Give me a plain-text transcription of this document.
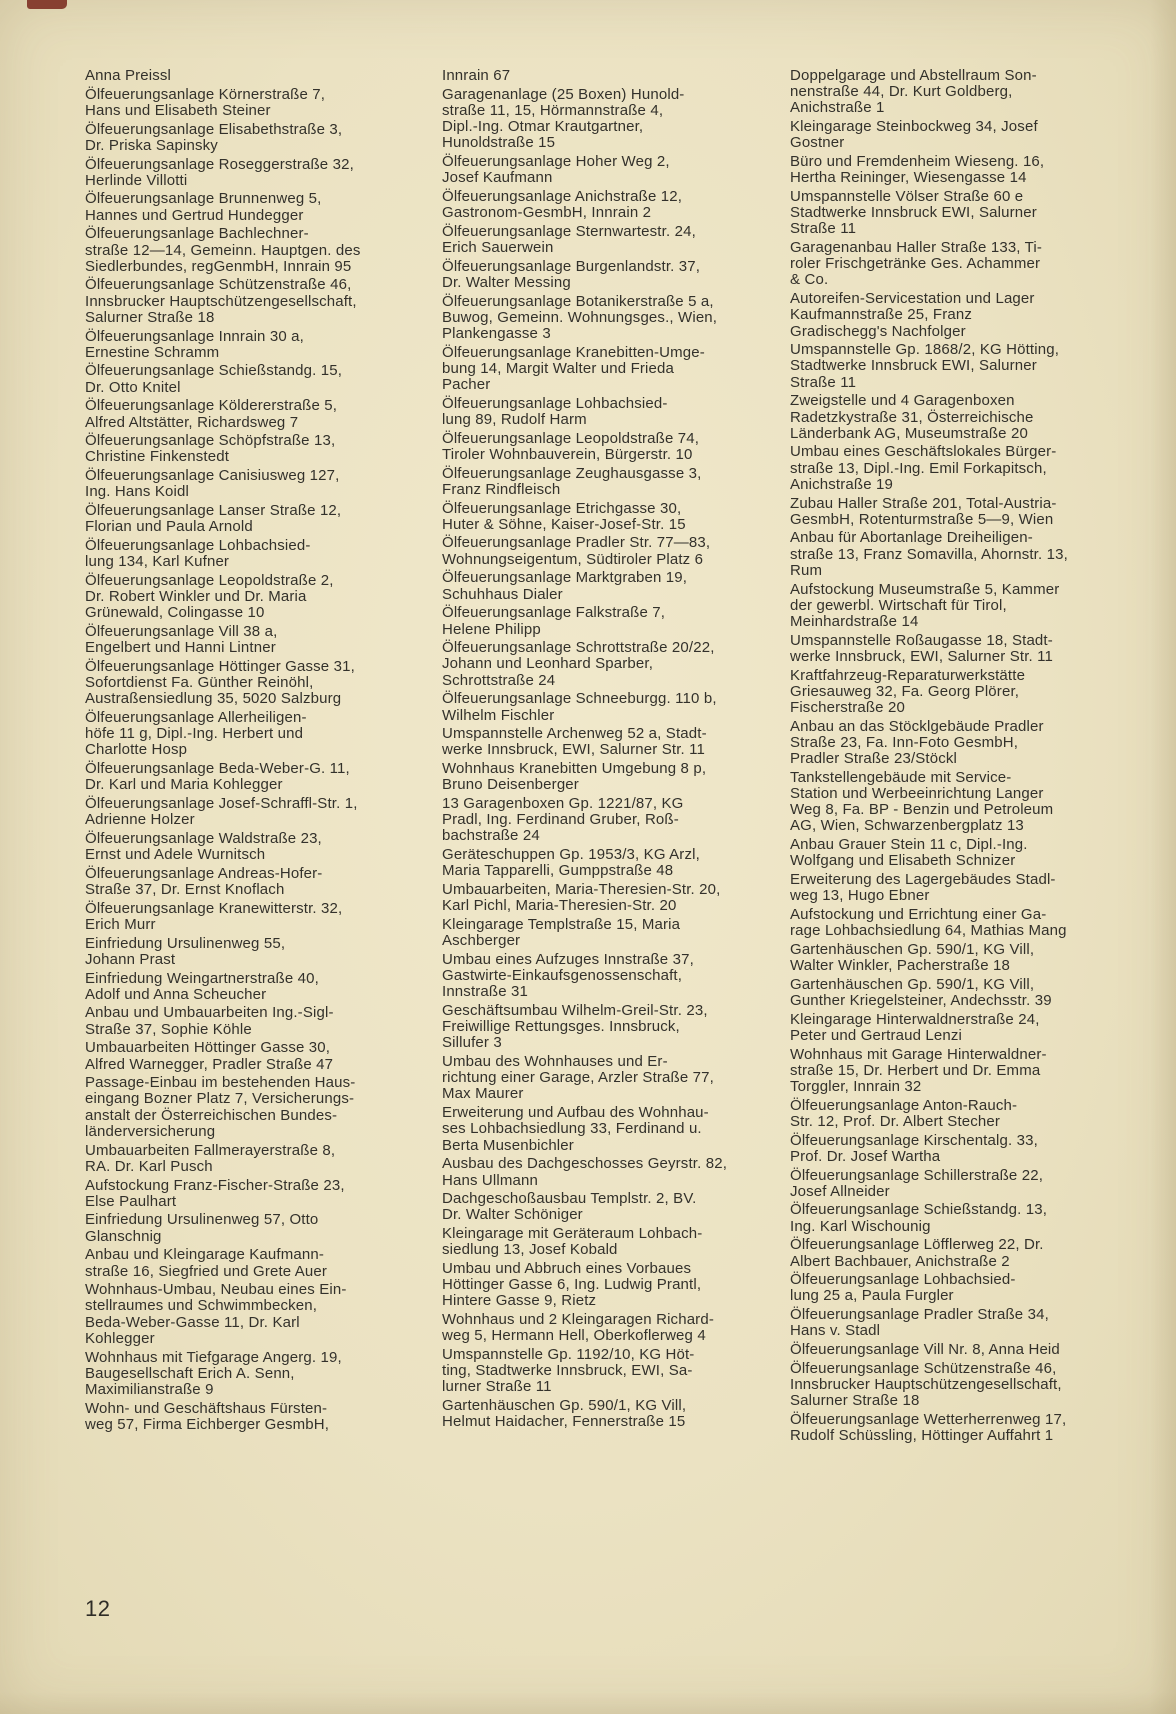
Anna Preissl

Ölfeuerungsanlage Körnerstraße 7,
Hans und Elisabeth Steiner

Ölfeuerungsanlage Elisabethstraße 3,
Dr. Priska Sapinsky

Ölfeuerungsanlage Roseggerstraße 32,
Herlinde Villotti

Ölfeuerungsanlage Brunnenweg 5,
Hannes und Gertrud Hundegger

Ölfeuerungsanlage Bachlechner-
straße 12—14, Gemeinn. Hauptgen. des
Siedlerbundes, regGenmbH, Innrain 95

Ölfeuerungsanlage Schützenstraße 46,
Innsbrucker Hauptschützengesellschaft,
Salurner Straße 18

Ölfeuerungsanlage Innrain 30 a,
Ernestine Schramm

Ölfeuerungsanlage Schießstandg. 15,
Dr. Otto Knitel

Ölfeuerungsanlage Köldererstraße 5,
Alfred Altstätter, Richardsweg 7

Ölfeuerungsanlage Schöpfstraße 13,
Christine Finkenstedt

Ölfeuerungsanlage Canisiusweg 127,
Ing. Hans Koidl

Ölfeuerungsanlage Lanser Straße 12,
Florian und Paula Arnold

Ölfeuerungsanlage Lohbachsied-
lung 134, Karl Kufner

Ölfeuerungsanlage Leopoldstraße 2,
Dr. Robert Winkler und Dr. Maria
Grünewald, Colingasse 10

Ölfeuerungsanlage Vill 38 a,
Engelbert und Hanni Lintner

Ölfeuerungsanlage Höttinger Gasse 31,
Sofortdienst Fa. Günther Reinöhl,
Austraßensiedlung 35, 5020 Salzburg

Ölfeuerungsanlage Allerheiligen-
höfe 11 g, Dipl.-Ing. Herbert und
Charlotte Hosp

Ölfeuerungsanlage Beda-Weber-G. 11,
Dr. Karl und Maria Kohlegger

Ölfeuerungsanlage Josef-Schraffl-Str. 1,
Adrienne Holzer

Ölfeuerungsanlage Waldstraße 23,
Ernst und Adele Wurnitsch

Ölfeuerungsanlage Andreas-Hofer-
Straße 37, Dr. Ernst Knoflach

Ölfeuerungsanlage Kranewitterstr. 32,
Erich Murr

Einfriedung Ursulinenweg 55,
Johann Prast

Einfriedung Weingartnerstraße 40,
Adolf und Anna Scheucher

Anbau und Umbauarbeiten Ing.-Sigl-
Straße 37, Sophie Köhle

Umbauarbeiten Höttinger Gasse 30,
Alfred Warnegger, Pradler Straße 47

Passage-Einbau im bestehenden Haus-
eingang Bozner Platz 7, Versicherungs-
anstalt der Österreichischen Bundes-
länderversicherung

Umbauarbeiten Fallmerayerstraße 8,
RA. Dr. Karl Pusch

Aufstockung Franz-Fischer-Straße 23,
Else Paulhart

Einfriedung Ursulinenweg 57, Otto
Glanschnig

Anbau und Kleingarage Kaufmann-
straße 16, Siegfried und Grete Auer

Wohnhaus-Umbau, Neubau eines Ein-
stellraumes und Schwimmbecken,
Beda-Weber-Gasse 11, Dr. Karl
Kohlegger

Wohnhaus mit Tiefgarage Angerg. 19,
Baugesellschaft Erich A. Senn,
Maximilianstraße 9

Wohn- und Geschäftshaus Fürsten-
weg 57, Firma Eichberger GesmbH,

Innrain 67

Garagenanlage (25 Boxen) Hunold-
straße 11, 15, Hörmannstraße 4,
Dipl.-Ing. Otmar Krautgartner,
Hunoldstraße 15

Ölfeuerungsanlage Hoher Weg 2,
Josef Kaufmann

Ölfeuerungsanlage Anichstraße 12,
Gastronom-GesmbH, Innrain 2

Ölfeuerungsanlage Sternwartestr. 24,
Erich Sauerwein

Ölfeuerungsanlage Burgenlandstr. 37,
Dr. Walter Messing

Ölfeuerungsanlage Botanikerstraße 5 a,
Buwog, Gemeinn. Wohnungsges., Wien,
Plankengasse 3

Ölfeuerungsanlage Kranebitten-Umge-
bung 14, Margit Walter und Frieda
Pacher

Ölfeuerungsanlage Lohbachsied-
lung 89, Rudolf Harm

Ölfeuerungsanlage Leopoldstraße 74,
Tiroler Wohnbauverein, Bürgerstr. 10

Ölfeuerungsanlage Zeughausgasse 3,
Franz Rindfleisch

Ölfeuerungsanlage Etrichgasse 30,
Huter & Söhne, Kaiser-Josef-Str. 15

Ölfeuerungsanlage Pradler Str. 77—83,
Wohnungseigentum, Südtiroler Platz 6

Ölfeuerungsanlage Marktgraben 19,
Schuhhaus Dialer

Ölfeuerungsanlage Falkstraße 7,
Helene Philipp

Ölfeuerungsanlage Schrottstraße 20/22,
Johann und Leonhard Sparber,
Schrottstraße 24

Ölfeuerungsanlage Schneeburgg. 110 b,
Wilhelm Fischler

Umspannstelle Archenweg 52 a, Stadt-
werke Innsbruck, EWI, Salurner Str. 11

Wohnhaus Kranebitten Umgebung 8 p,
Bruno Deisenberger

13 Garagenboxen Gp. 1221/87, KG
Pradl, Ing. Ferdinand Gruber, Roß-
bachstraße 24

Geräteschuppen Gp. 1953/3, KG Arzl,
Maria Tapparelli, Gumppstraße 48

Umbauarbeiten, Maria-Theresien-Str. 20,
Karl Pichl, Maria-Theresien-Str. 20

Kleingarage Templstraße 15, Maria
Aschberger

Umbau eines Aufzuges Innstraße 37,
Gastwirte-Einkaufsgenossenschaft,
Innstraße 31

Geschäftsumbau Wilhelm-Greil-Str. 23,
Freiwillige Rettungsges. Innsbruck,
Sillufer 3

Umbau des Wohnhauses und Er-
richtung einer Garage, Arzler Straße 77,
Max Maurer

Erweiterung und Aufbau des Wohnhau-
ses Lohbachsiedlung 33, Ferdinand u.
Berta Musenbichler

Ausbau des Dachgeschosses Geyrstr. 82,
Hans Ullmann

Dachgeschoßausbau Templstr. 2, BV.
Dr. Walter Schöniger

Kleingarage mit Geräteraum Lohbach-
siedlung 13, Josef Kobald

Umbau und Abbruch eines Vorbaues
Höttinger Gasse 6, Ing. Ludwig Prantl,
Hintere Gasse 9, Rietz

Wohnhaus und 2 Kleingaragen Richard-
weg 5, Hermann Hell, Oberkoflerweg 4

Umspannstelle Gp. 1192/10, KG Höt-
ting, Stadtwerke Innsbruck, EWI, Sa-
lurner Straße 11

Gartenhäuschen Gp. 590/1, KG Vill,
Helmut Haidacher, Fennerstraße 15

Doppelgarage und Abstellraum Son-
nenstraße 44, Dr. Kurt Goldberg,
Anichstraße 1

Kleingarage Steinbockweg 34, Josef
Gostner

Büro und Fremdenheim Wieseng. 16,
Hertha Reininger, Wiesengasse 14

Umspannstelle Völser Straße 60 e
Stadtwerke Innsbruck EWI, Salurner
Straße 11

Garagenanbau Haller Straße 133, Ti-
roler Frischgetränke Ges. Achammer
& Co.

Autoreifen-Servicestation und Lager
Kaufmannstraße 25, Franz
Gradischegg's Nachfolger

Umspannstelle Gp. 1868/2, KG Hötting,
Stadtwerke Innsbruck EWI, Salurner
Straße 11

Zweigstelle und 4 Garagenboxen
Radetzkystraße 31, Österreichische
Länderbank AG, Museumstraße 20

Umbau eines Geschäftslokales Bürger-
straße 13, Dipl.-Ing. Emil Forkapitsch,
Anichstraße 19

Zubau Haller Straße 201, Total-Austria-
GesmbH, Rotenturmstraße 5—9, Wien

Anbau für Abortanlage Dreiheiligen-
straße 13, Franz Somavilla, Ahornstr. 13,
Rum

Aufstockung Museumstraße 5, Kammer
der gewerbl. Wirtschaft für Tirol,
Meinhardstraße 14

Umspannstelle Roßaugasse 18, Stadt-
werke Innsbruck, EWI, Salurner Str. 11

Kraftfahrzeug-Reparaturwerkstätte
Griesauweg 32, Fa. Georg Plörer,
Fischerstraße 20

Anbau an das Stöcklgebäude Pradler
Straße 23, Fa. Inn-Foto GesmbH,
Pradler Straße 23/Stöckl

Tankstellengebäude mit Service-
Station und Werbeeinrichtung Langer
Weg 8, Fa. BP - Benzin und Petroleum
AG, Wien, Schwarzenbergplatz 13

Anbau Grauer Stein 11 c, Dipl.-Ing.
Wolfgang und Elisabeth Schnizer

Erweiterung des Lagergebäudes Stadl-
weg 13, Hugo Ebner

Aufstockung und Errichtung einer Ga-
rage Lohbachsiedlung 64, Mathias Mang

Gartenhäuschen Gp. 590/1, KG Vill,
Walter Winkler, Pacherstraße 18

Gartenhäuschen Gp. 590/1, KG Vill,
Gunther Kriegelsteiner, Andechsstr. 39

Kleingarage Hinterwaldnerstraße 24,
Peter und Gertraud Lenzi

Wohnhaus mit Garage Hinterwaldner-
straße 15, Dr. Herbert und Dr. Emma
Torggler, Innrain 32

Ölfeuerungsanlage Anton-Rauch-
Str. 12, Prof. Dr. Albert Stecher

Ölfeuerungsanlage Kirschentalg. 33,
Prof. Dr. Josef Wartha

Ölfeuerungsanlage Schillerstraße 22,
Josef Allneider

Ölfeuerungsanlage Schießstandg. 13,
Ing. Karl Wischounig

Ölfeuerungsanlage Löfflerweg 22, Dr.
Albert Bachbauer, Anichstraße 2

Ölfeuerungsanlage Lohbachsied-
lung 25 a, Paula Furgler

Ölfeuerungsanlage Pradler Straße 34,
Hans v. Stadl

Ölfeuerungsanlage Vill Nr. 8, Anna Heid

Ölfeuerungsanlage Schützenstraße 46,
Innsbrucker Hauptschützengesellschaft,
Salurner Straße 18

Ölfeuerungsanlage Wetterherrenweg 17,
Rudolf Schüssling, Höttinger Auffahrt 1

12
